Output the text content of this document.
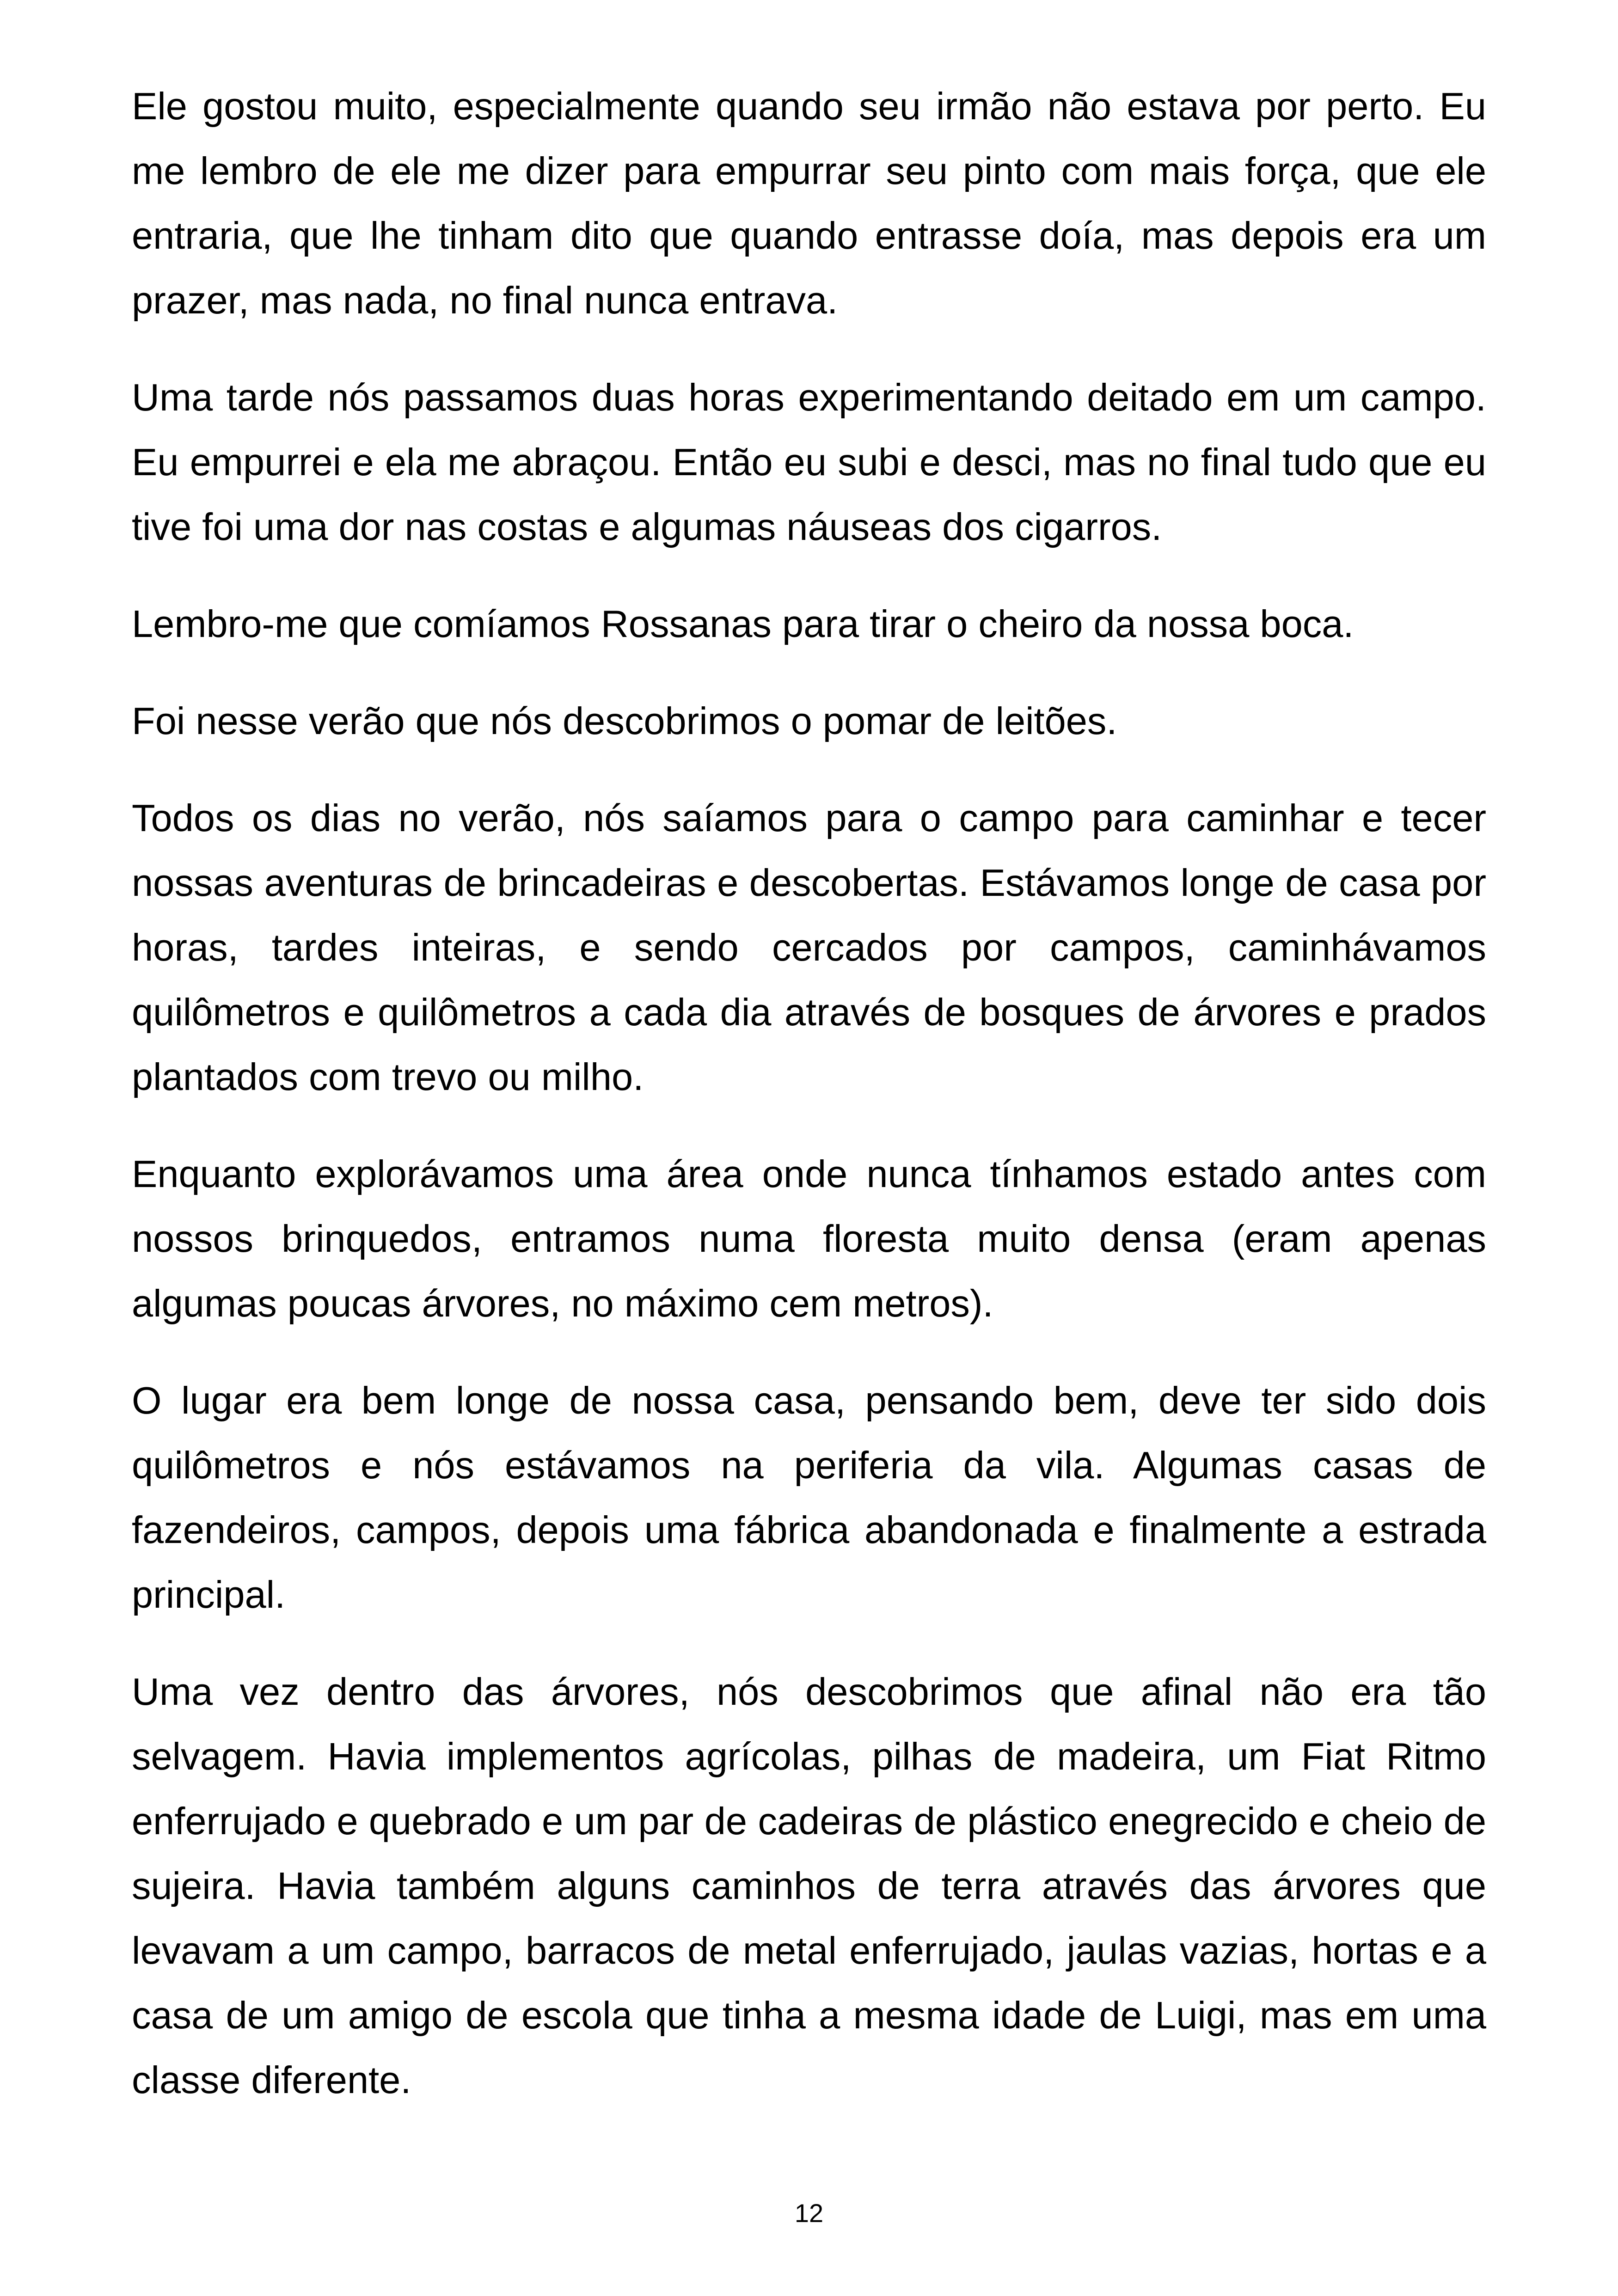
Ele gostou muito, especialmente quando seu irmão não estava por perto. Eu me lembro de ele me dizer para empurrar seu pinto com mais força, que ele entraria, que lhe tinham dito que quando entrasse doía, mas depois era um prazer, mas nada, no final nunca entrava.

Uma tarde nós passamos duas horas experimentando deitado em um campo. Eu empurrei e ela me abraçou. Então eu subi e desci, mas no final tudo que eu tive foi uma dor nas costas e algumas náuseas dos cigarros.

Lembro-me que comíamos Rossanas para tirar o cheiro da nossa boca.

Foi nesse verão que nós descobrimos o pomar de leitões.

Todos os dias no verão, nós saíamos para o campo para caminhar e tecer nossas aventuras de brincadeiras e descobertas. Estávamos longe de casa por horas, tardes inteiras, e sendo cercados por campos, caminhávamos quilômetros e quilômetros a cada dia através de bosques de árvores e prados plantados com trevo ou milho.

Enquanto explorávamos uma área onde nunca tínhamos estado antes com nossos brinquedos, entramos numa floresta muito densa (eram apenas algumas poucas árvores, no máximo cem metros).

O lugar era bem longe de nossa casa, pensando bem, deve ter sido dois quilômetros e nós estávamos na periferia da vila. Algumas casas de fazendeiros, campos, depois uma fábrica abandonada e finalmente a estrada principal.

Uma vez dentro das árvores, nós descobrimos que afinal não era tão selvagem. Havia implementos agrícolas, pilhas de madeira, um Fiat Ritmo enferrujado e quebrado e um par de cadeiras de plástico enegrecido e cheio de sujeira. Havia também alguns caminhos de terra através das árvores que levavam a um campo, barracos de metal enferrujado, jaulas vazias, hortas e a casa de um amigo de escola que tinha a mesma idade de Luigi, mas em uma classe diferente.

12
